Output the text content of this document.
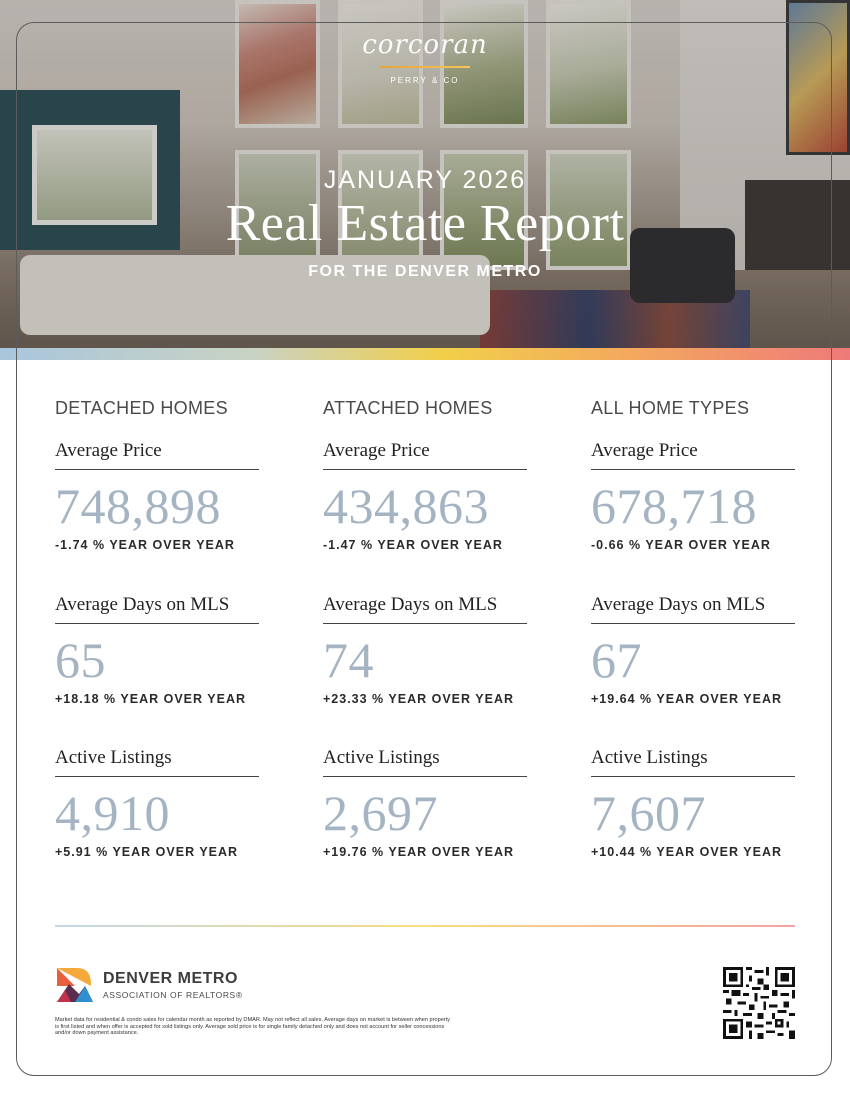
corcoran
PERRY & CO
JANUARY 2026
Real Estate Report
FOR THE DENVER METRO
DETACHED HOMES
Average Price
748,898
-1.74 % YEAR OVER YEAR
Average Days on MLS
65
+18.18 % YEAR OVER YEAR
Active Listings
4,910
+5.91 % YEAR OVER YEAR
ATTACHED HOMES
Average Price
434,863
-1.47 % YEAR OVER YEAR
Average Days on MLS
74
+23.33 % YEAR OVER YEAR
Active Listings
2,697
+19.76 % YEAR OVER YEAR
ALL HOME TYPES
Average Price
678,718
-0.66 % YEAR OVER YEAR
Average Days on MLS
67
+19.64 % YEAR OVER YEAR
Active Listings
7,607
+10.44 % YEAR OVER YEAR
DENVER METRO
ASSOCIATION OF REALTORS®
Market data for residential & condo sales for calendar month as reported by DMAR. May not reflect all sales. Average days on market is between when property is first listed and when offer is accepted for sold listings only. Average sold price is for single family detached only and does not account for seller concessions and/or down payment assistance.
